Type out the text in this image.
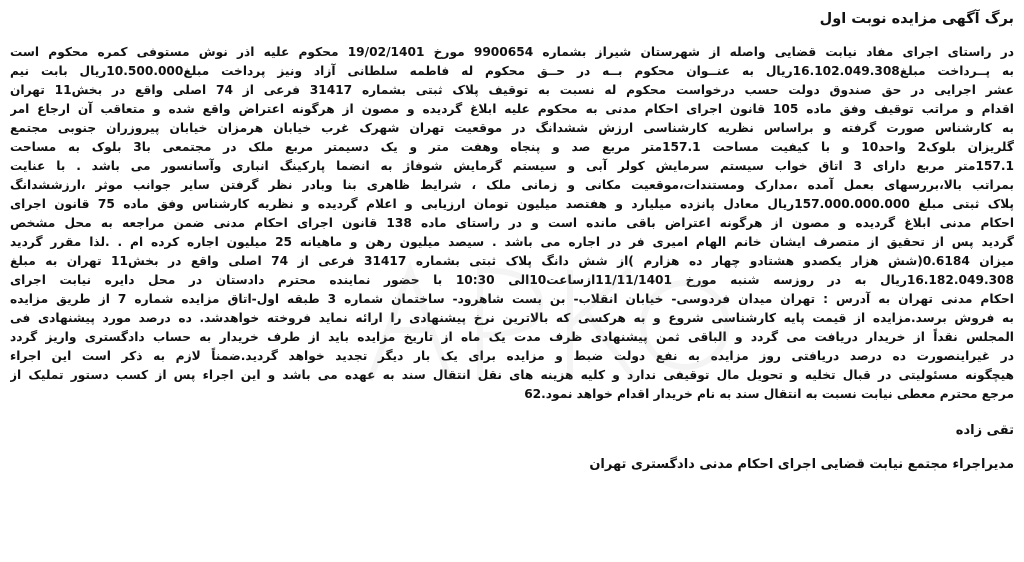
برگ آگهی مزایده نوبت اول
در راستای اجرای مفاد نیابت قضایی واصله از شهرستان شیراز بشماره 9900654 مورخ 19/02/1401 محکوم علیه اذر نوش مستوفی کمره محکوم است
به پــرداخت مبلغ16.102.049.308ریال به عنــوان محکوم بــه در حــق محکوم له فاطمه سلطانی آزاد ونیز پرداخت مبلغ10.500.000ریال بابت نیم
عشر اجرایی در حق صندوق دولت حسب درخواست محکوم له نسبت به توقیف پلاک ثبتی بشماره 31417 فرعی از 74 اصلی واقع در بخش11 تهران
اقدام و مراتب توقیف وفق ماده 105 قانون اجرای احکام مدنی به محکوم علیه ابلاغ گردیده و مصون از هرگونه اعتراض واقع شده و متعاقب آن ارجاع امر
به کارشناس صورت گرفته و براساس نظریه کارشناسی ارزش ششدانگ در موقعیت تهران شهرک غرب خیابان هرمزان خیابان پیروزران جنوبی مجتمع
گلریزان بلوک2 واحد10 و با کیفیت مساحت 157.1متر مربع صد و پنجاه وهفت متر و یک دسیمتر مربع ملک در مجتمعی با3 بلوک به مساحت
157.1متر مربع دارای 3 اتاق خواب سیستم سرمایش کولر آبی و سیستم گرمایش شوفاژ به انضما پارکینگ انباری وآسانسور می باشد . با عنایت
بمراتب بالا،بررسهای بعمل آمده ،مدارک ومستندات،موقعیت مکانی و زمانی ملک ، شرایط ظاهری بنا وبادر نظر گرفتن سایر جوانب موثر ،ارزششدانگ
پلاک ثبتی مبلغ 157.000.000.000ریال معادل پانزده میلیارد و هفتصد میلیون تومان ارزیابی و اعلام گردیده و نظریه کارشناس وفق ماده 75 قانون اجرای
احکام مدنی ابلاغ گردیده و مصون از هرگونه اعتراض باقی مانده است و در راستای ماده 138 قانون اجرای احکام مدنی ضمن مراجعه به محل مشخص
گردید پس از تحقیق از متصرف ایشان خانم الهام امیری فر در اجاره می باشد . سیصد میلیون رهن و ماهیانه 25 میلیون اجاره کرده ام . .لذا مقرر گردید
میزان 0.6184(شش هزار یکصدو هشتادو چهار ده هزارم )از شش دانگ پلاک ثبتی بشماره 31417 فرعی از 74 اصلی واقع در بخش11 تهران به مبلغ
16.182.049.308ریال به در روزسه شنبه مورخ 11/11/1401ازساعت10الی 10:30 با حضور نماینده محترم دادستان در محل دایره نیابت اجرای
احکام مدنی تهران به آدرس : تهران میدان فردوسی- خیابان انقلاب- بن بست شاهرود- ساختمان شماره 3 طبقه اول-اتاق مزایده شماره 7 از طریق مزایده
به فروش برسد.مزایده از قیمت پایه کارشناسی شروع و به هرکسی که بالاترین نرخ پیشنهادی را ارائه نماید فروخته خواهدشد. ده درصد مورد پیشنهادی فی
المجلس نقداً از خریدار دریافت می گردد و الباقی ثمن پیشنهادی ظرف مدت یک ماه از تاریخ مزایده باید از طرف خریدار به حساب دادگستری واریز گردد
در غیراینصورت ده درصد دریافتی روز مزایده به نفع دولت ضبط و مزایده برای یک بار دیگر تجدید خواهد گردید.ضمناً لازم به ذکر است این اجراء
هیچگونه مسئولیتی در قبال تخلیه و تحویل مال توقیفی ندارد و کلیه هزینه های نقل انتقال سند به عهده می باشد و این اجراء پس از کسب دستور تملیک از
مرجع محترم معطی نیابت نسبت به انتقال سند به نام خریدار اقدام خواهد نمود.62
تقی زاده
مدیراجراء مجتمع نیابت قضایی اجرای احکام مدنی دادگستری تهران
